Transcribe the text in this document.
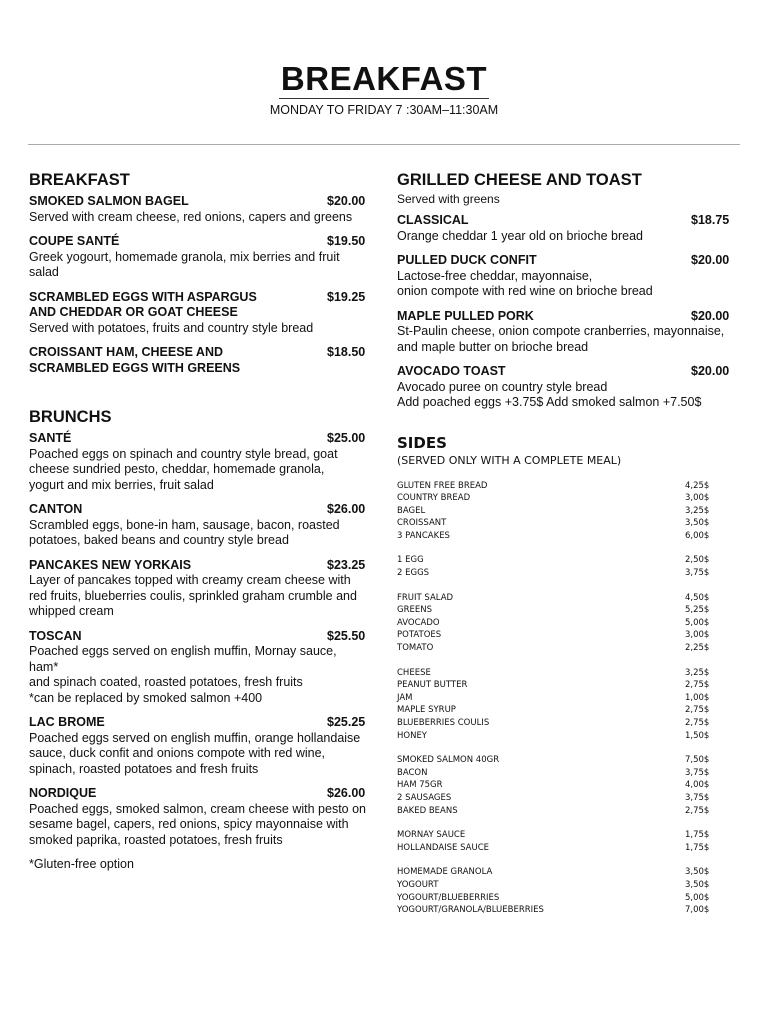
BREAKFAST
MONDAY TO FRIDAY 7 :30AM–11:30AM
BREAKFAST
SMOKED SALMON BAGEL	$20.00
Served with cream cheese, red onions, capers and greens
COUPE SANTÉ	$19.50
Greek yogourt, homemade granola, mix berries and fruit
salad
SCRAMBLED EGGS WITH ASPARGUS
AND CHEDDAR OR GOAT CHEESE
$19.25
Served with potatoes, fruits and country style bread
CROISSANT HAM, CHEESE AND
SCRAMBLED EGGS WITH GREENS
$18.50
BRUNCHS
SANTÉ	$25.00
Poached eggs on spinach and country style bread, goat
cheese sundried pesto, cheddar, homemade granola,
yogurt and mix berries, fruit salad
CANTON	$26.00
Scrambled eggs, bone-in ham, sausage, bacon, roasted
potatoes, baked beans and country style bread
PANCAKES NEW YORKAIS	$23.25
Layer of pancakes topped with creamy cream cheese with
red fruits, blueberries coulis, sprinkled graham crumble and
whipped cream
TOSCAN	$25.50
Poached eggs served on english muffin, Mornay sauce, ham*
and spinach coated, roasted potatoes, fresh fruits
*can be replaced by smoked salmon +400
LAC BROME	$25.25
Poached eggs served on english muffin, orange hollandaise
sauce, duck confit and onions compote with red wine,
spinach, roasted potatoes and fresh fruits
NORDIQUE	$26.00
Poached eggs, smoked salmon, cream cheese with pesto on
sesame bagel, capers, red onions, spicy mayonnaise with
smoked paprika, roasted potatoes, fresh fruits
*Gluten-free option
GRILLED CHEESE AND TOAST
Served with greens
CLASSICAL	$18.75
Orange cheddar 1 year old on brioche bread
PULLED DUCK CONFIT	$20.00
Lactose-free cheddar, mayonnaise,
onion compote with red wine on brioche bread
MAPLE PULLED PORK	$20.00
St-Paulin cheese, onion compote cranberries, mayonnaise,
and maple butter on brioche bread
AVOCADO TOAST	$20.00
Avocado puree on country style bread
Add poached eggs +3.75$ Add smoked salmon +7.50$
SIDES
(SERVED ONLY WITH A COMPLETE MEAL)
GLUTEN FREE BREAD	4,25$
COUNTRY BREAD	3,00$
BAGEL	3,25$
CROISSANT	3,50$
3 PANCAKES	6,00$
1 EGG	2,50$
2 EGGS	3,75$
FRUIT SALAD	4,50$
GREENS	5,25$
AVOCADO	5,00$
POTATOES	3,00$
TOMATO	2,25$
CHEESE	3,25$
PEANUT BUTTER	2,75$
JAM	1,00$
MAPLE SYRUP	2,75$
BLUEBERRIES COULIS	2,75$
HONEY	1,50$
SMOKED SALMON 40GR	7,50$
BACON	3,75$
HAM 75GR	4,00$
2 SAUSAGES	3,75$
BAKED BEANS	2,75$
MORNAY SAUCE	1,75$
HOLLANDAISE SAUCE	1,75$
HOMEMADE GRANOLA	3,50$
YOGOURT	3,50$
YOGOURT/BLUEBERRIES	5,00$
YOGOURT/GRANOLA/BLUEBERRIES	7,00$
